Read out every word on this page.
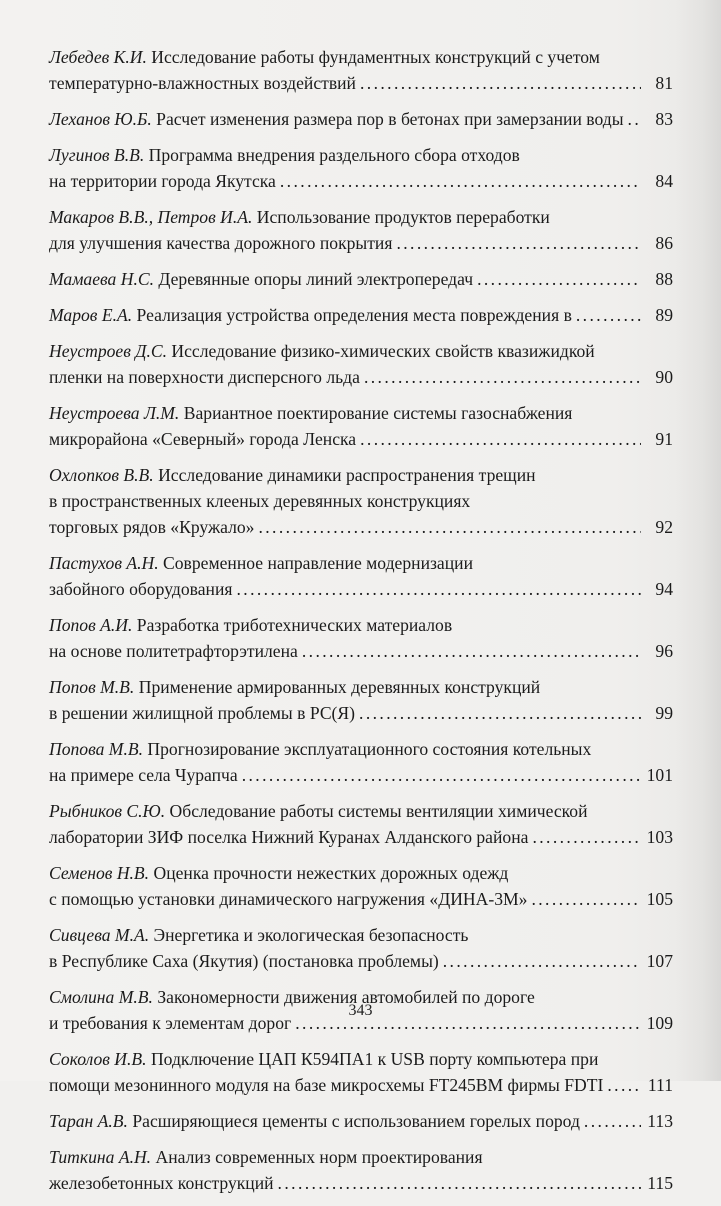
Лебедев К.И. Исследование работы фундаментных конструкций с учетом
температурно-влажностных воздействий . . .	81
Леханов Ю.Б. Расчет изменения размера пор в бетонах при замерзании воды . . .	83
Лугинов В.В. Программа внедрения раздельного сбора отходов
на территории города Якутска . . .	84
Макаров В.В., Петров И.А. Использование продуктов переработки
для улучшения качества дорожного покрытия . . .	86
Мамаева Н.С. Деревянные опоры линий электропередач . . .	88
Маров Е.А. Реализация устройства определения места повреждения в . . .	89
Неустроев Д.С. Исследование физико-химических свойств квазижидкой
пленки на поверхности дисперсного льда . . .	90
Неустроева Л.М. Вариантное поектирование системы газоснабжения
микрорайона «Северный» города Ленска . . .	91
Охлопков В.В. Исследование динамики распространения трещин
в пространственных клееных деревянных конструкциях
торговых рядов «Кружало» . . .	92
Пастухов А.Н. Современное направление модернизации
забойного оборудования . . .	94
Попов А.И. Разработка триботехнических материалов
на основе политетрафторэтилена . . .	96
Попов М.В. Применение армированных деревянных конструкций
в решении жилищной проблемы в РС(Я) . . .	99
Попова М.В. Прогнозирование эксплуатационного состояния котельных
на примере села Чурапча . . .	101
Рыбников С.Ю. Обследование работы системы вентиляции химической
лаборатории ЗИФ поселка Нижний Куранах Алданского района . . .	103
Семенов Н.В. Оценка прочности нежестких дорожных одежд
с помощью установки динамического нагружения «ДИНА-3М» . . .	105
Сивцева М.А. Энергетика и экологическая безопасность
в Республике Саха (Якутия) (постановка проблемы) . . .	107
Смолина М.В. Закономерности движения автомобилей по дороге
и требования к элементам дорог . . .	109
Соколов И.В. Подключение ЦАП К594ПА1 к USB порту компьютера при
помощи мезонинного модуля на базе микросхемы FT245BM фирмы FDTI . . .	111
Таран А.В. Расширяющиеся цементы с использованием горелых пород . . .	113
Титкина А.Н. Анализ современных норм проектирования
железобетонных конструкций . . .	115
343
